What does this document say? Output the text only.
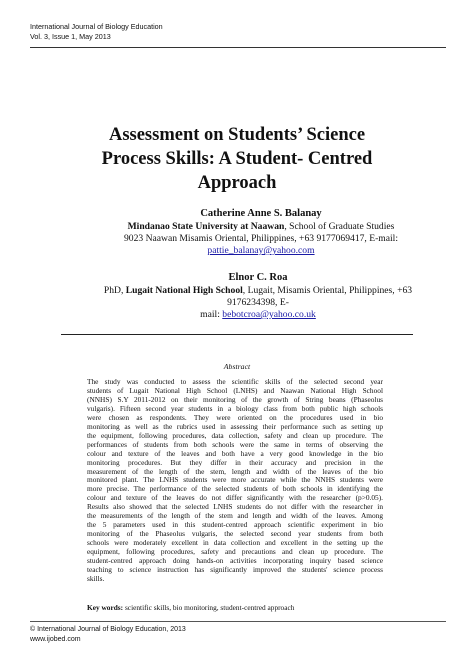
International Journal of Biology Education
Vol. 3, Issue 1, May 2013
Assessment on Students’ Science
Process Skills: A Student- Centred
Approach
Catherine Anne S. Balanay
Mindanao State University at Naawan, School of Graduate Studies
9023 Naawan Misamis Oriental, Philippines, +63 9177069417, E-mail:
pattie_balanay@yahoo.com
Elnor C. Roa
PhD, Lugait National High School, Lugait, Misamis Oriental, Philippines, +63 9176234398, E-
mail: bebotcroa@yahoo.co.uk
Abstract
The study was conducted to assess the scientific skills of the selected second year
students of Lugait National High School (LNHS) and Naawan National High School
(NNHS) S.Y 2011-2012 on their monitoring of the growth of String beans (Phaseolus
vulgaris). Fifteen second year students in a biology class from both public high schools
were chosen as respondents. They were oriented on the procedures used in bio
monitoring as well as the rubrics used in assessing their performance such as setting up
the equipment, following procedures, data collection, safety and clean up procedure. The
performances of students from both schools were the same in terms of observing the
colour and texture of the leaves and both have a very good knowledge in the bio
monitoring procedures. But they differ in their accuracy and precision in the
measurement of the length of the stem, length and width of the leaves of the bio
monitored plant. The LNHS students were more accurate while the NNHS students were
more precise. The performance of the selected students of both schools in identifying the
colour and texture of the leaves do not differ significantly with the researcher (p>0.05).
Results also showed that the selected LNHS students do not differ with the researcher in
the measurements of the length of the stem and length and width of the leaves. Among
the 5 parameters used in this student-centred approach scientific experiment in bio
monitoring of the Phaseolus vulgaris, the selected second year students from both
schools were moderately excellent in data collection and excellent in the setting up the
equipment, following procedures, safety and precautions and clean up procedure. The
student-centred approach doing hands-on activities incorporating inquiry based science
teaching to science instruction has significantly improved the students' science process
skills.
Key words: scientific skills, bio monitoring, student-centred approach
© International Journal of Biology Education, 2013
www.ijobed.com
